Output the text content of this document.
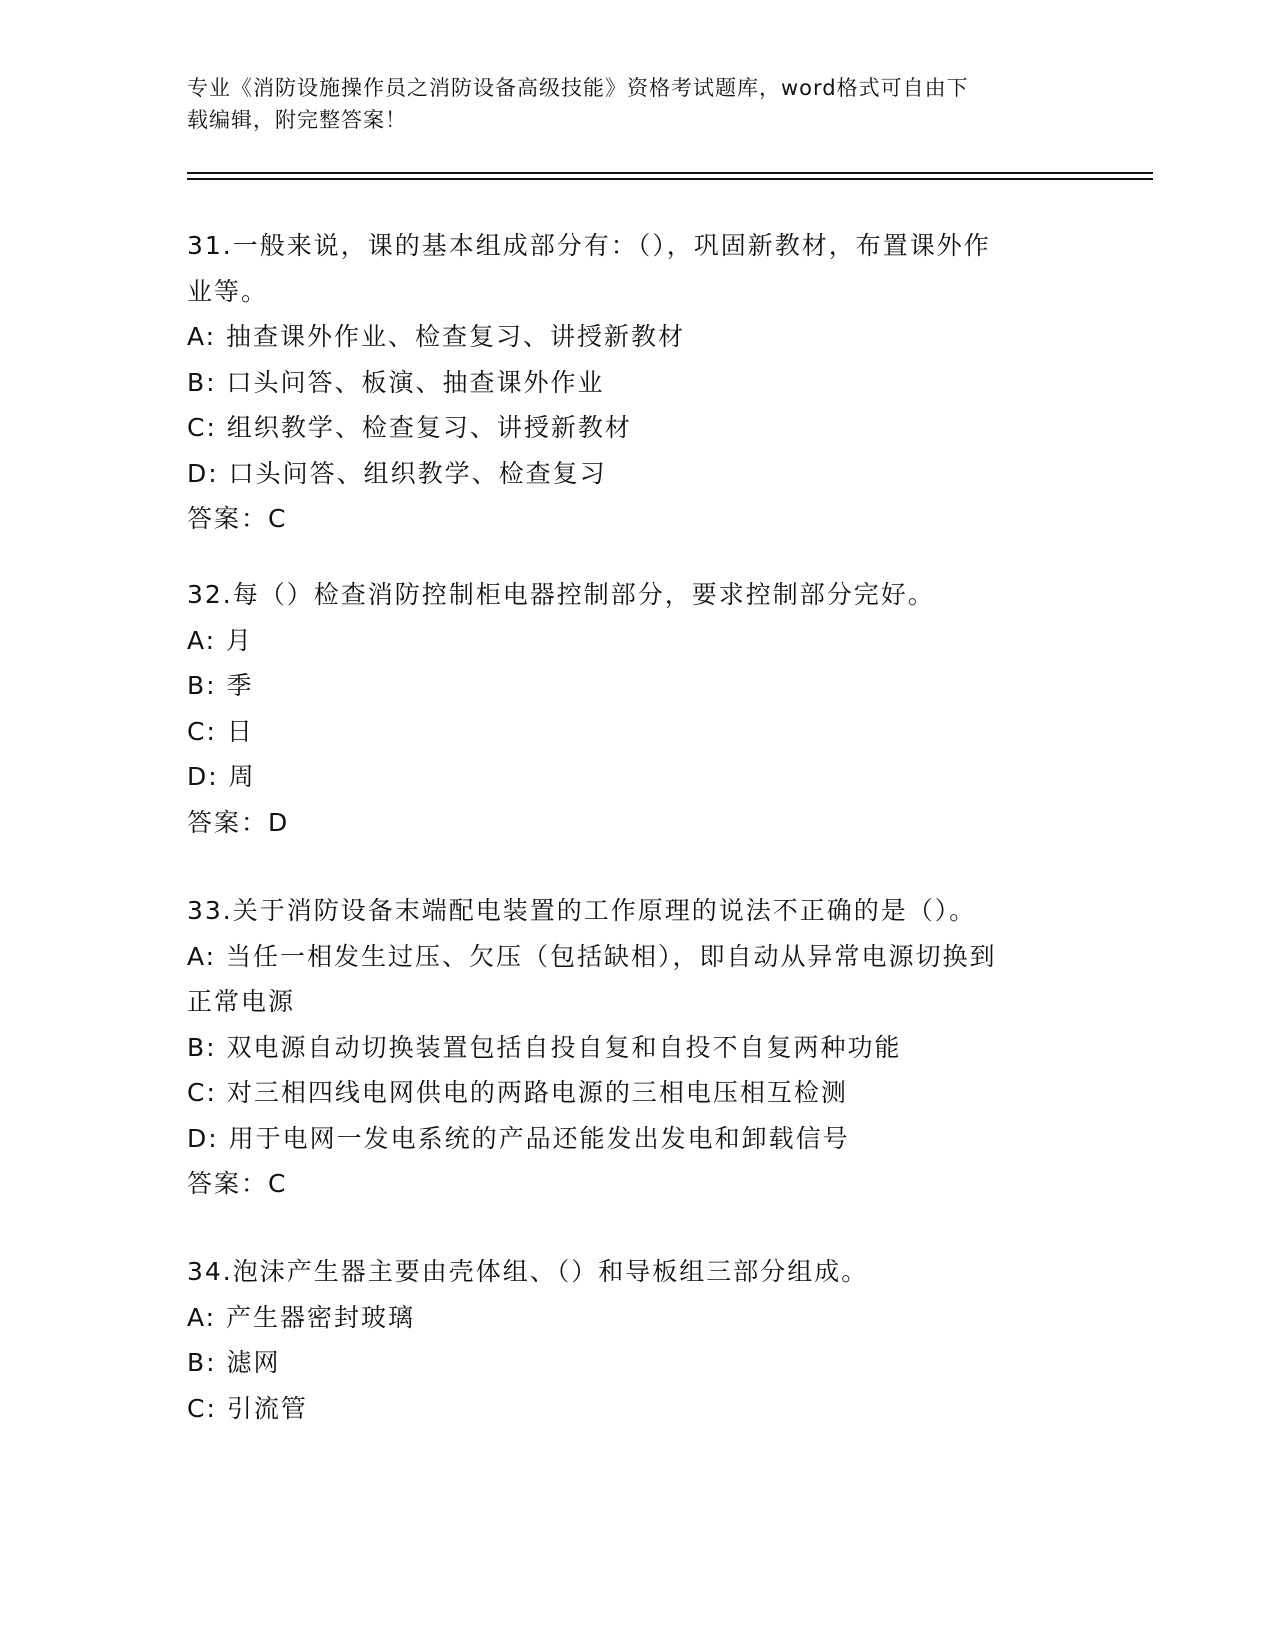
专业《消防设施操作员之消防设备高级技能》资格考试题库，word格式可自由下
载编辑，附完整答案！
31.一般来说，课的基本组成部分有：（），巩固新教材，布置课外作
业等。
A: 抽查课外作业、检查复习、讲授新教材
B: 口头问答、板演、抽查课外作业
C: 组织教学、检查复习、讲授新教材
D: 口头问答、组织教学、检查复习
答案：C
32.每（）检查消防控制柜电器控制部分，要求控制部分完好。
A: 月
B: 季
C: 日
D: 周
答案：D
33.关于消防设备末端配电装置的工作原理的说法不正确的是（）。
A: 当任一相发生过压、欠压（包括缺相），即自动从异常电源切换到
正常电源
B: 双电源自动切换装置包括自投自复和自投不自复两种功能
C: 对三相四线电网供电的两路电源的三相电压相互检测
D: 用于电网一发电系统的产品还能发出发电和卸载信号
答案：C
34.泡沫产生器主要由壳体组、（）和导板组三部分组成。
A: 产生器密封玻璃
B: 滤网
C: 引流管
